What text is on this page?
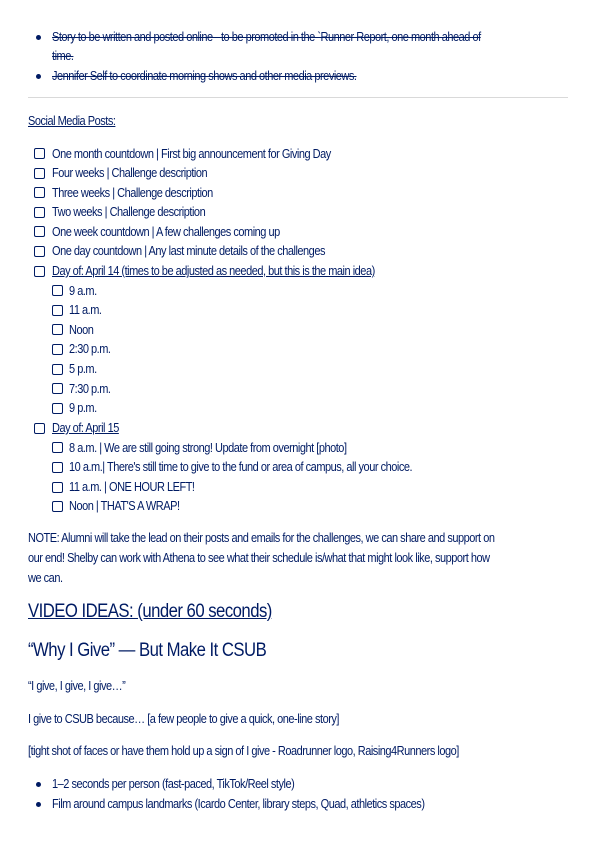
Story to be written and posted online - to be promoted in the `Runner Report, one month ahead of
time.
Jennifer Self to coordinate morning shows and other media previews.
Social Media Posts:
One month countdown | First big announcement for Giving Day
Four weeks | Challenge description
Three weeks | Challenge description
Two weeks | Challenge description
One week countdown | A few challenges coming up
One day countdown | Any last minute details of the challenges
Day of: April 14 (times to be adjusted as needed, but this is the main idea)
9 a.m.
11 a.m.
Noon
2:30 p.m.
5 p.m.
7:30 p.m.
9 p.m.
Day of: April 15
8 a.m. | We are still going strong! Update from overnight [photo]
10 a.m.| There's still time to give to the fund or area of campus, all your choice.
11 a.m. | ONE HOUR LEFT!
Noon | THAT'S A WRAP!
NOTE: Alumni will take the lead on their posts and emails for the challenges, we can share and support on
our end! Shelby can work with Athena to see what their schedule is/what that might look like, support how
we can.
VIDEO IDEAS: (under 60 seconds)
“Why I Give” — But Make It CSUB
“I give, I give, I give…”
I give to CSUB because… [a few people to give a quick, one-line story]
[tight shot of faces or have them hold up a sign of I give - Roadrunner logo, Raising4Runners logo]
1–2 seconds per person (fast-paced, TikTok/Reel style)
Film around campus landmarks (Icardo Center, library steps, Quad, athletics spaces)
